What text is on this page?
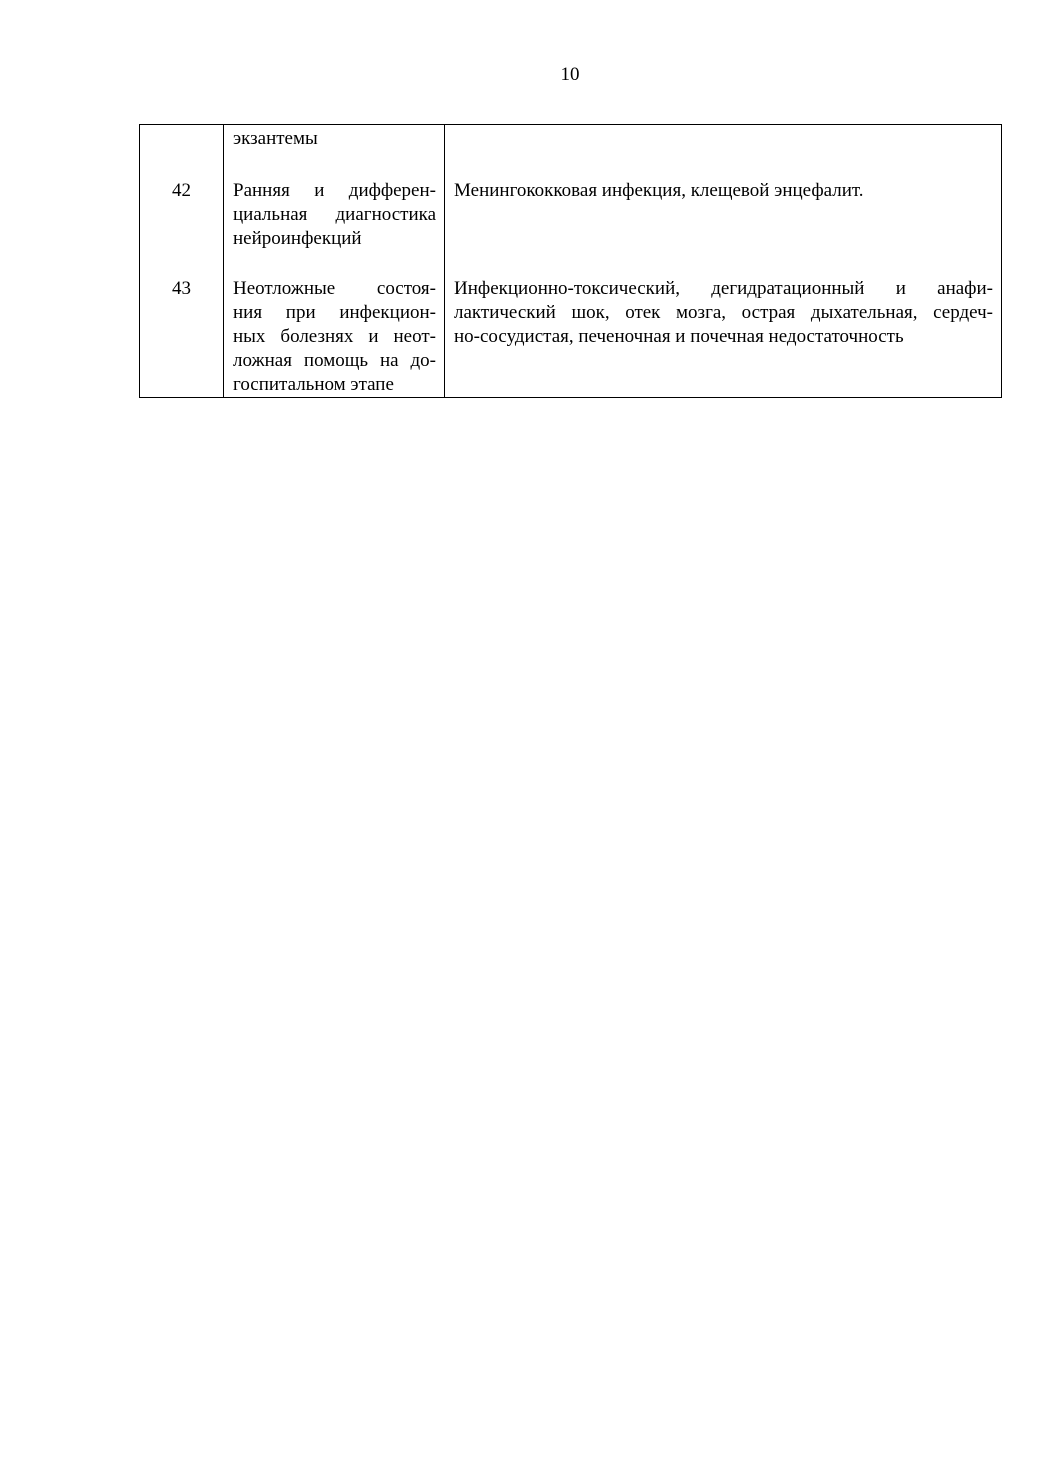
10

	экзантемы	

42	Ранняя и дифферен-
циальная диагностика
нейроинфекций	Менингококковая инфекция, клещевой энцефалит.

43	Неотложные состоя-
ния при инфекцион-
ных болезнях и неот-
ложная помощь на до-
госпитальном этапе	Инфекционно-токсический, дегидратационный и анафи-
лактический шок, отек мозга, острая дыхательная, сердеч-
но-сосудистая, печеночная и почечная недостаточность
